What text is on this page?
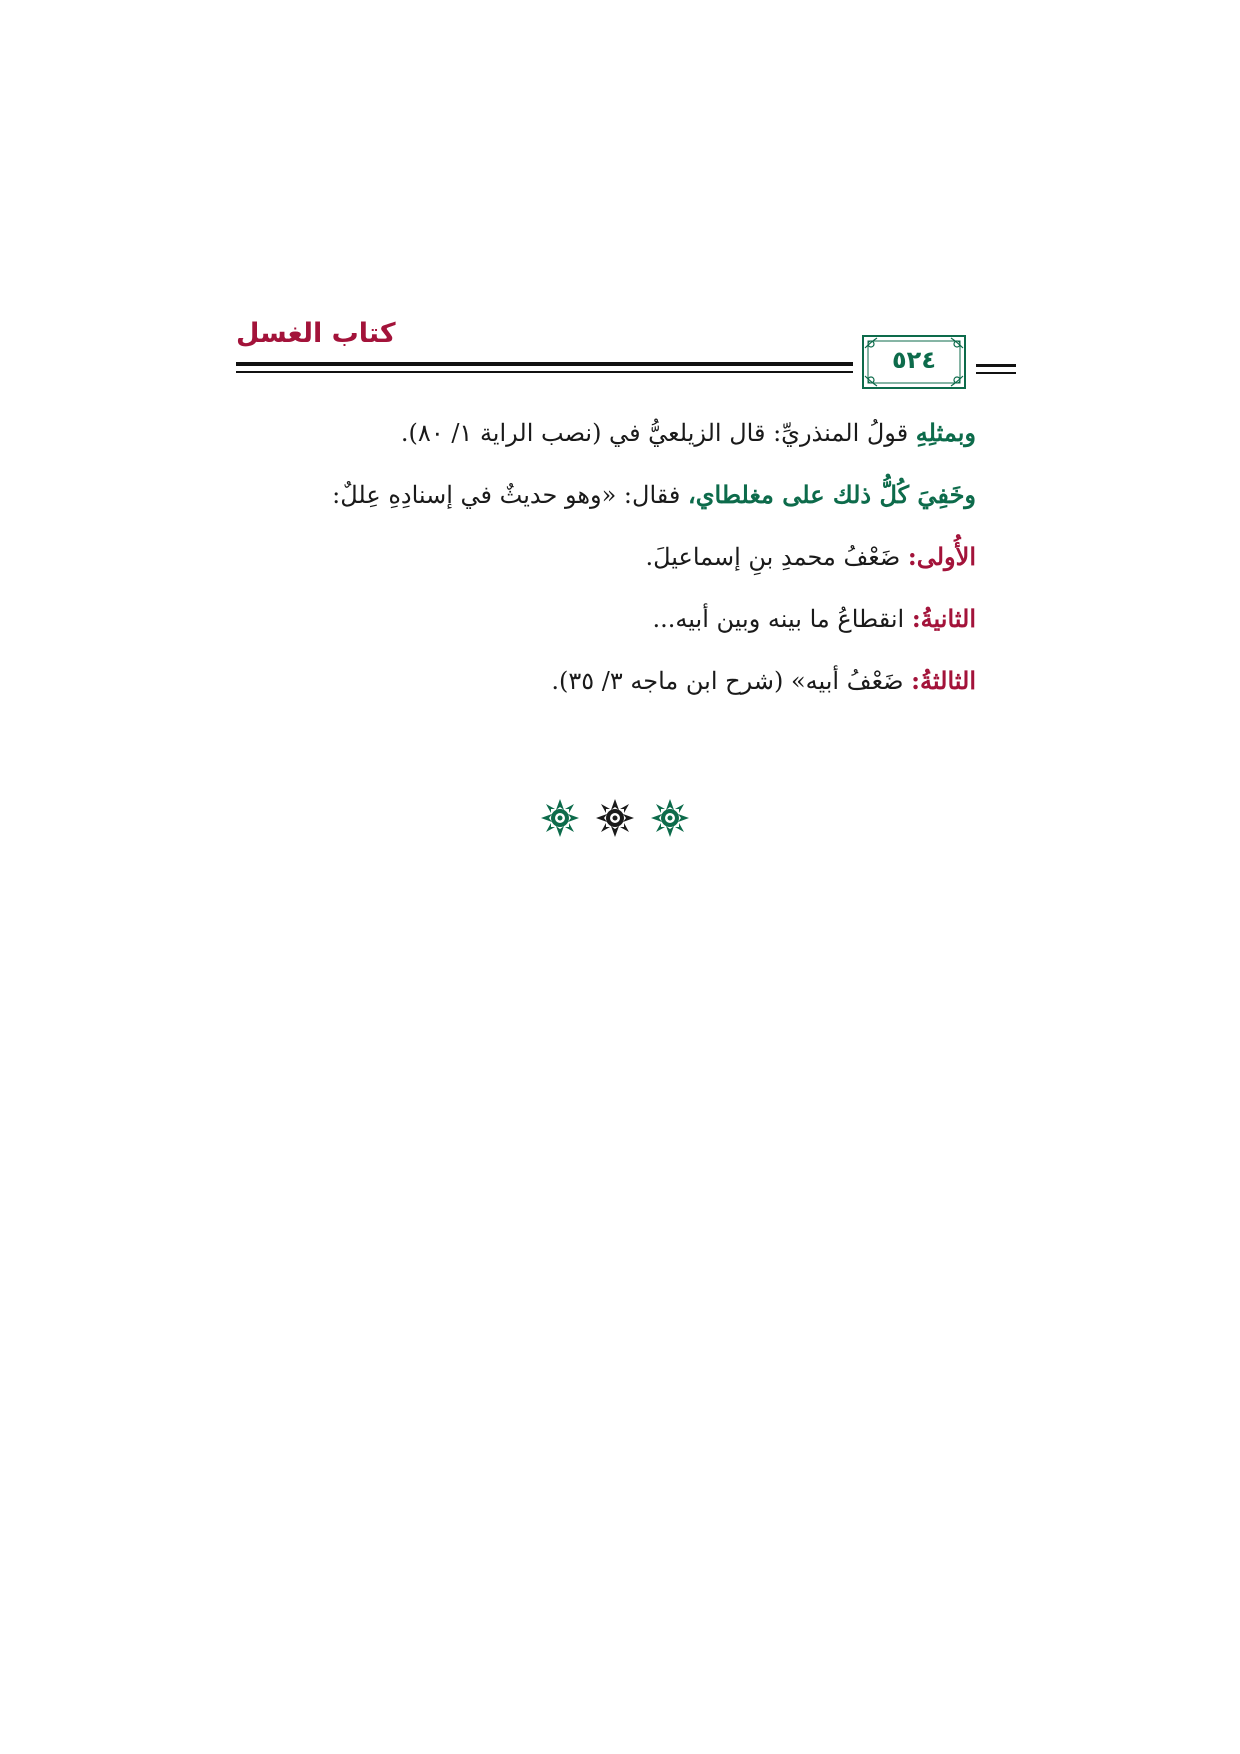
كتاب الغسل
٥٢٤
وبمثلِهِ قولُ المنذريِّ: قال الزيلعيُّ في (نصب الراية ١/ ٨٠).
وخَفِيَ كُلُّ ذلك على مغلطاي، فقال: «وهو حديثٌ في إسنادِهِ عِللٌ:
الأُولى: ضَعْفُ محمدِ بنِ إسماعيلَ.
الثانيةُ: انقطاعُ ما بينه وبين أبيه...
الثالثةُ: ضَعْفُ أبيه» (شرح ابن ماجه ٣/ ٣٥).
